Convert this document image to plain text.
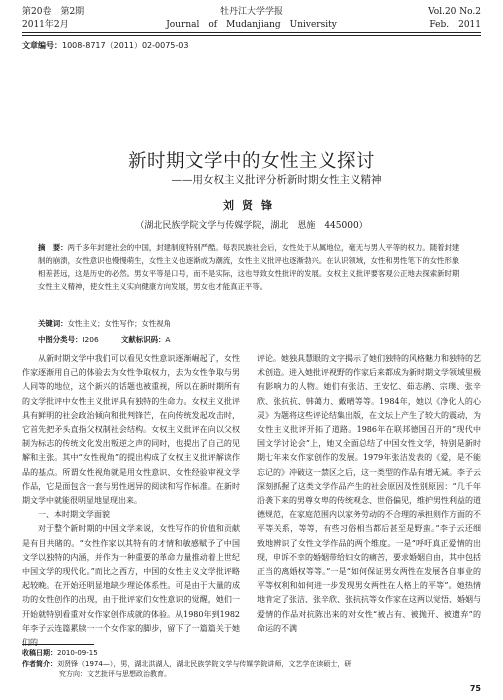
第20卷　第2期	牡丹江大学学报	Vol.20 No.2
2011年2月	Journal　of　Mudanjiang　University	Feb.　2011
文章编号：1008-8717（2011）02-0075-03
新时期文学中的女性主义探讨
——用女权主义批评分析新时期女性主义精神
刘贤锋
（湖北民族学院文学与传媒学院，湖北　恩施　445000）
摘　要：两千多年封建社会的中国，封建制度特别严酷。每表民族社会后，女性处于从属地位，毫无与男人平等的权力。随着封建制的崩溃，女性意识也慢慢萌生，女性主义也逐渐成为潮流，女性主义批评也逐渐勃兴。在认识领域，女性和男性笔下的女性形象相差甚远，这是历史的必然。男女平等是口号，而不是实际，这也导致女性批评的发展。女权主义批评要客观公正地去探索新时期女性主义精神，使女性主义实向健康方向发展，男女也才能真正平等。
关键词：女性主义；女性写作；女性视角
中图分类号：I206	文献标识码：A

从新时期文学中我们可以看见女性意识逐渐崛起了，女性作家逐渐用自己的体验去为女性争取权力，去为女性争取与男人同等的地位，这个新兴的话题也被重视，所以在新时期所有的文学批评中女性主义批评具有独特的生命力。女权主义批评具有鲜明的社会政治倾向和批判锋芒，在向传统发起攻击时，它首先把矛头直指父权制社会结构。女权主义批评在向以父权制为标志的传统文化发出叛逆之声的同时，也提出了自己的见解和主张。其中“女性视角”的提出构成了女权主义批评解读作品的基点。所谓女性视角就是用女性意识、女性经验审视文学作品，它是面包含一套与男性迥异的阅读和写作标准。在新时期文学中就能很明显地显现出来。

一、本时期文学面貌

对于整个新时期的中国文学来说，女性写作的价值和贡献是有目共睹的。“女性作家以其特有的才情和敏感赋予了中国文学以独特的内涵，并作为一种重要的革命力量推动着上世纪中国文学的现代化。”而比之西方，中国的女性主义文学批评略起较晚。在开始还明显地缺少理论体系性。可是由于大量的成功的女性创作的出现，由于批评家们女性意识的觉醒，她们一开始就特别看重对女作家创作成就的体验。从1980年到1982年李子云连篇累牍一一个女作家的脚步，留下了一篇篇关于她们的

评论。她独具慧眼的文字揭示了她们独特的风格魅力和独特的艺术创造。进入她批评视野的作家后来都成为新时期文学领域里极有影响力的人物。她们有张洁、王安忆、茹志鹃、宗璞、张辛欣、张抗抗、韩蔼力、戴晴等等。1984年，她以《净化人的心灵》为题将这些评论结集出版，在文坛上产生了较大的震动，为女性主义批评开拓了道路。1986年在联邦德国召开的“现代中国文学讨论会”上，她又全面总结了中国女性文学，特别是新时期七年来女作家创作的发展。1979年张洁发表的《爱，是不能忘记的》冲破这一禁区之后，这一类型的作品有增无减。李子云深刻抓握了这类文学作品产生的社会原因及性别原因：“几千年沿袭下来的男尊女卑的传统观念、世俗偏见，维护男性利益的道德规范，在家庭范围内以家务劳动的不合理的承担则作方面的不平等关系，等等，有些习俗相当都后甚至是野蛮。”李子云还细致地辨识了女性文学作品的两个维度。一是“呼吁真正爱情的出现，申诉不幸的婚姻带给妇女的痛苦，要求婚姻自由，其中包括正当的离婚权等等。”一是“如何保证男女两性在发展各自事业的平等权利和如何进一步发现男女两性在人格上的平等”。她热情地肯定了张洁、张辛欣、张抗抗等女作家在这两以觉悟、婚姻与爱情的作品对抗陈出来的对女性“被占有、被抛开、被遗弃”的命运的不满

收稿日期：2010-09-15
作者简介：刘贤锋（1974—），男，湖北洪湖人，湖北民族学院文学与传媒学院讲师，文艺学在读硕士，研
究方向：文艺批评与思想政治教育。
75
